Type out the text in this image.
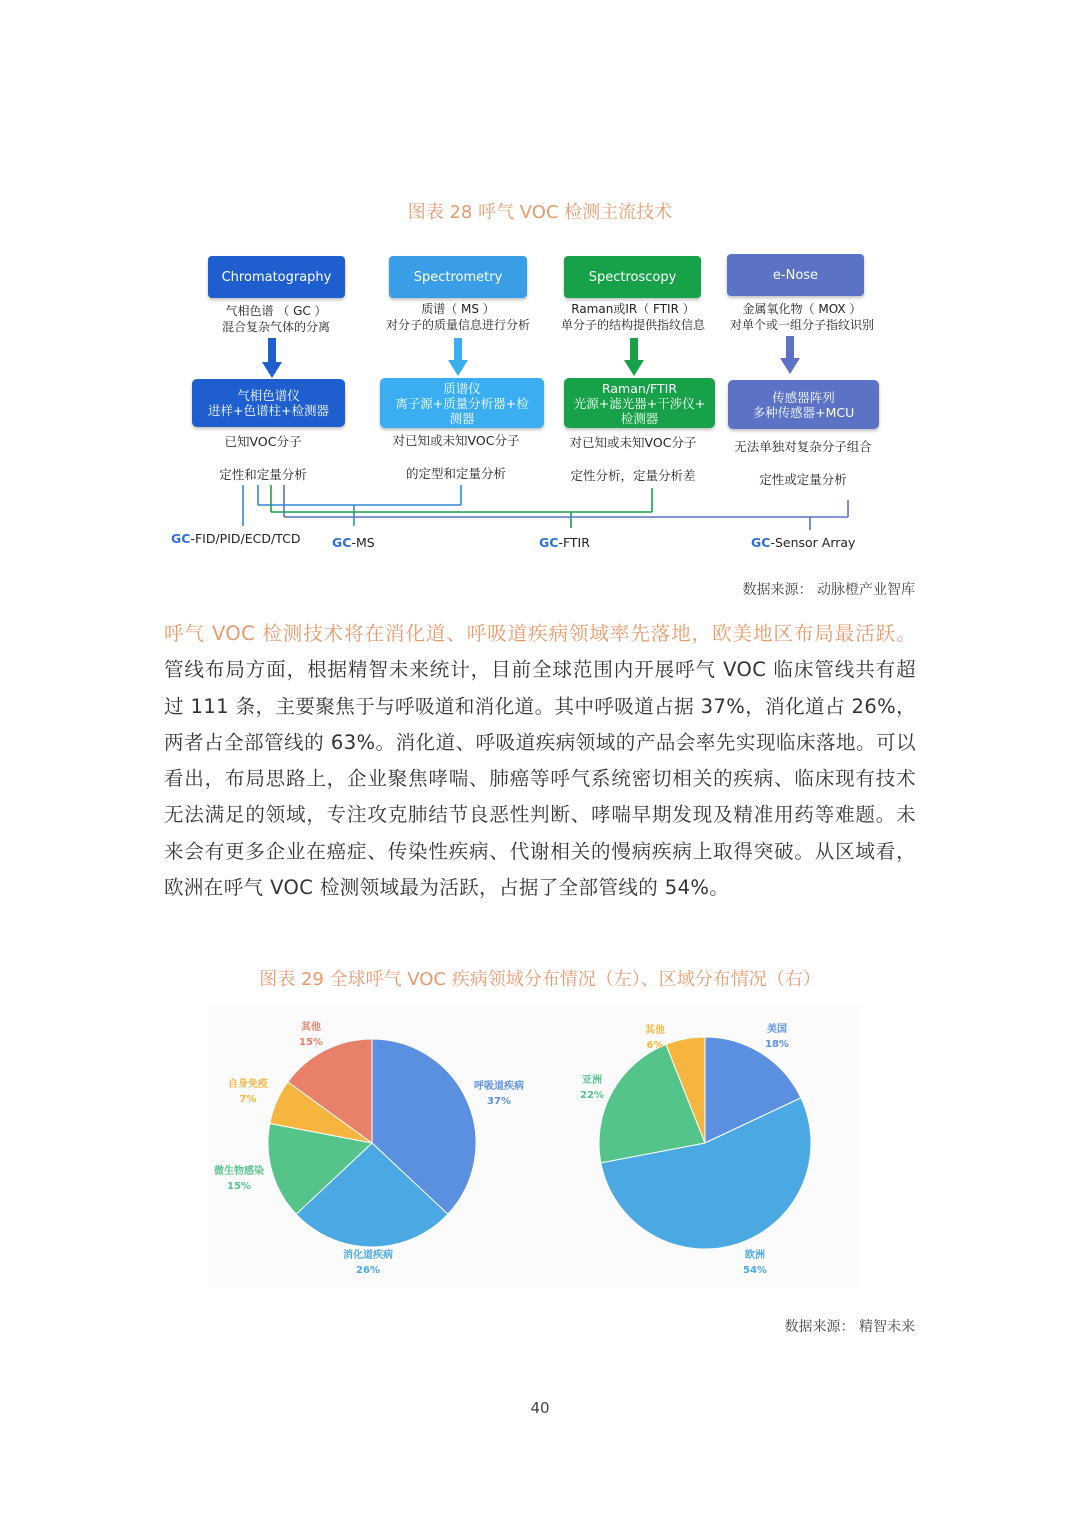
图表 28 呼气 VOC 检测主流技术
Chromatography	Spectrometry	Spectroscopy	e-Nose
气相色谱 （ GC ）
混合复杂气体的分离
质谱（ MS ）
对分子的质量信息进行分析
Raman或IR（ FTIR ）
单分子的结构提供指纹信息
金属氧化物（ MOX ）
对单个或一组分子指纹识别
气相色谱仪
进样+色谱柱+检测器
质谱仪
离子源+质量分析器+检
测器
Raman/FTIR
光源+滤光器+干涉仪+
检测器
传感器阵列
多种传感器+MCU
已知VOC分子
定性和定量分析
对已知或未知VOC分子
的定型和定量分析
对已知或未知VOC分子
定性分析，定量分析差
无法单独对复杂分子组合
定性或定量分析
GC-FID/PID/ECD/TCD	GC-MS	GC-FTIR	GC-Sensor Array
数据来源： 动脉橙产业智库
呼气 VOC 检测技术将在消化道、呼吸道疾病领域率先落地，欧美地区布局最活跃。管线布局方面，根据精智未来统计，目前全球范围内开展呼气 VOC 临床管线共有超过 111 条，主要聚焦于与呼吸道和消化道。其中呼吸道占据 37%，消化道占 26%，两者占全部管线的 63%。消化道、呼吸道疾病领域的产品会率先实现临床落地。可以看出，布局思路上，企业聚焦哮喘、肺癌等呼气系统密切相关的疾病、临床现有技术无法满足的领域，专注攻克肺结节良恶性判断、哮喘早期发现及精准用药等难题。未来会有更多企业在癌症、传染性疾病、代谢相关的慢病疾病上取得突破。从区域看，欧洲在呼气 VOC 检测领域最为活跃，占据了全部管线的 54%。
图表 29 全球呼气 VOC 疾病领域分布情况（左）、区域分布情况（右）
呼吸道疾病
37%
消化道疾病
26%
微生物感染
15%
自身免疫
7%
其他
15%
美国
18%
欧洲
54%
亚洲
22%
其他
6%
数据来源： 精智未来
40
